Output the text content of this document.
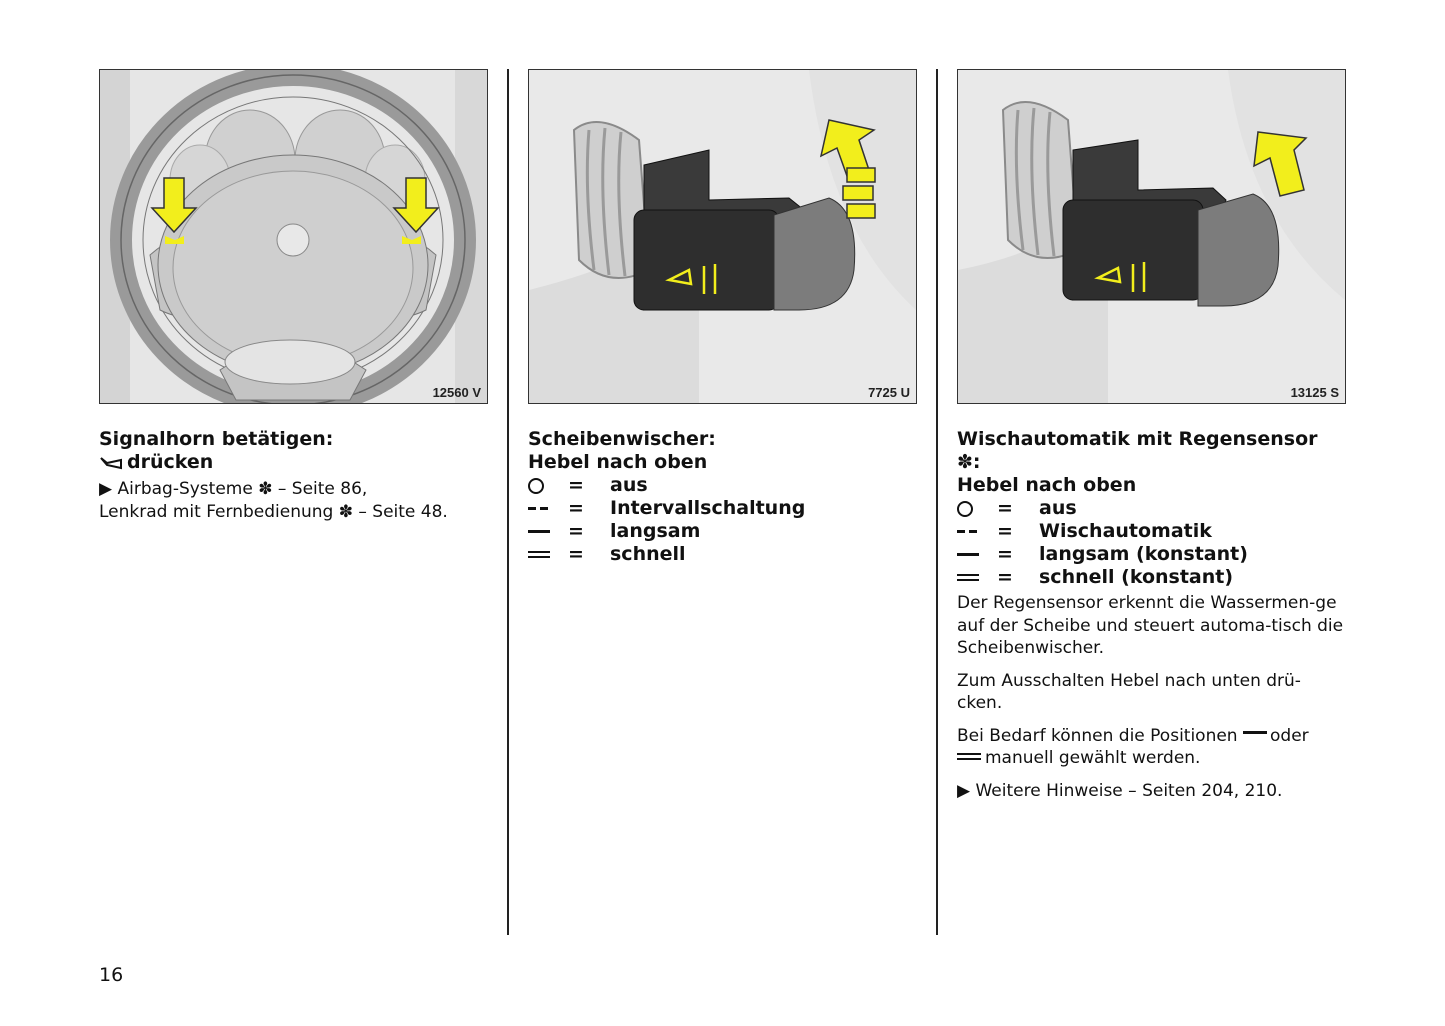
12560 V
Signalhorn betätigen:
drücken
▶ Airbag-Systeme ✽ – Seite 86,
Lenkrad mit Fernbedienung ✽ – Seite 48.
7725 U
Scheibenwischer:
Hebel nach oben
=	aus
=	Intervallschaltung
=	langsam
=	schnell
13125 S
Wischautomatik mit Regensensor ✽:
Hebel nach oben
=	aus
=	Wischautomatik
=	langsam (konstant)
=	schnell (konstant)
Der Regensensor erkennt die Wassermen-ge auf der Scheibe und steuert automa-tisch die Scheibenwischer.
Zum Ausschalten Hebel nach unten drü-cken.
Bei Bedarf können die Positionen oder
manuell gewählt werden.
▶ Weitere Hinweise – Seiten 204, 210.
16
